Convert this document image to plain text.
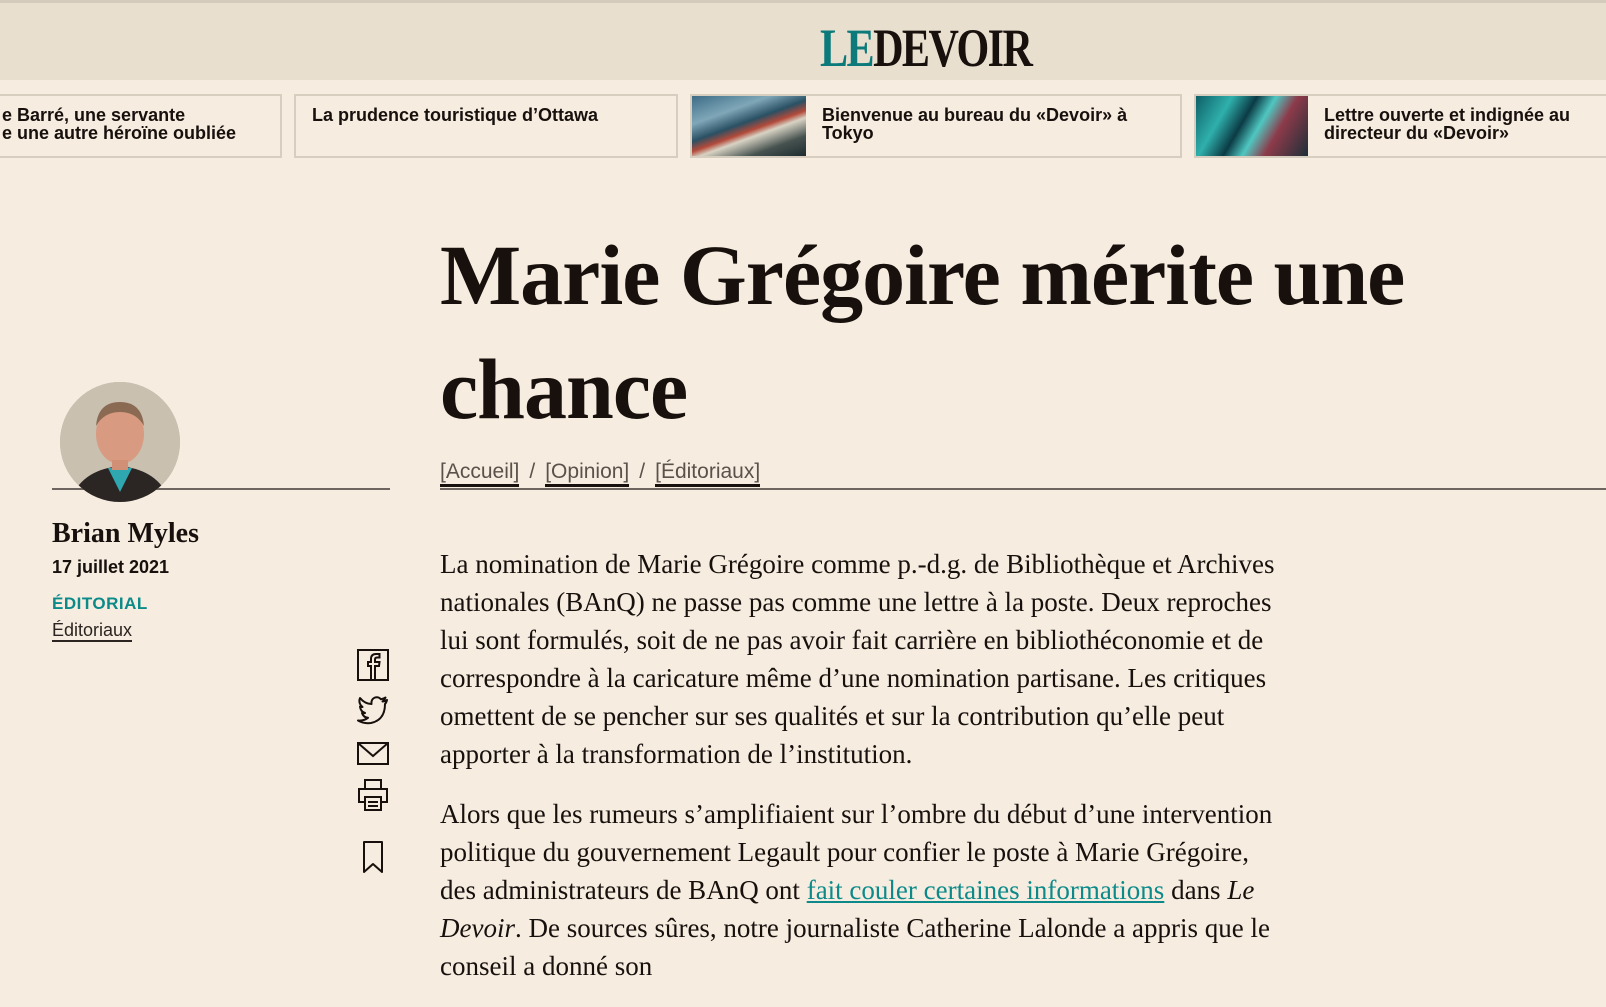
LEDEVOIR
e Barré, une servante
e une autre héroïne oubliée
La prudence touristique d’Ottawa	Bienvenue au bureau du «Devoir» à
Tokyo
Lettre ouverte et indignée au
directeur du «Devoir»
Marie Grégoire mérite une
chance
[Accueil] / [Opinion] / [Éditoriaux]
Brian Myles
17 juillet 2021
ÉDITORIAL
Éditoriaux

La nomination de Marie Grégoire comme p.-d.g. de Bibliothèque et Archives nationales (BAnQ) ne passe pas comme une lettre à la poste. Deux reproches lui sont formulés, soit de ne pas avoir fait carrière en bibliothéconomie et de correspondre à la caricature même d’une nomination partisane. Les critiques omettent de se pencher sur ses qualités et sur la contribution qu’elle peut apporter à la transformation de l’institution.

Alors que les rumeurs s’amplifiaient sur l’ombre du début d’une intervention politique du gouvernement Legault pour confier le poste à Marie Grégoire, des administrateurs de BAnQ ont fait couler certaines informations dans Le Devoir. De sources sûres, notre journaliste Catherine Lalonde a appris que le conseil a donné son
